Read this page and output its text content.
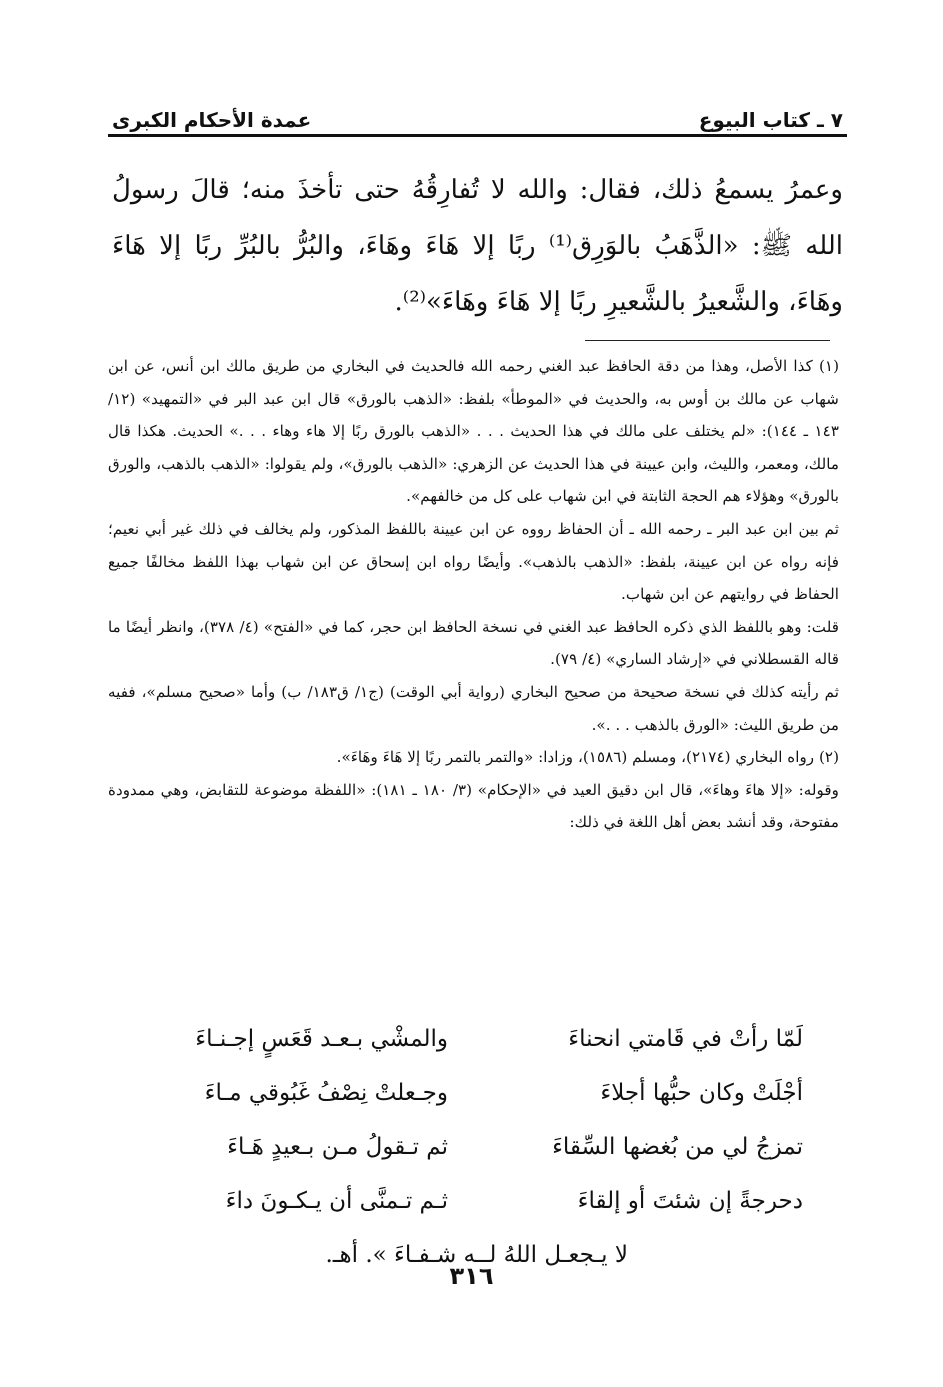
٧ ـ كتاب البيوع
عمدة الأحكام الكبرى

وعمرُ يسمعُ ذلك، فقال: والله لا تُفارِقُهُ حتى تأخذَ منه؛ قالَ رسولُ الله ﷺ: «الذَّهَبُ بالوَرِق⁽¹⁾ ربًا إلا هَاءَ وهَاءَ، والبُرُّ بالبُرِّ ربًا إلا هَاءَ وهَاءَ، والشَّعيرُ بالشَّعيرِ ربًا إلا هَاءَ وهَاءَ»⁽²⁾.

(١) كذا الأصل، وهذا من دقة الحافظ عبد الغني رحمه الله فالحديث في البخاري من طريق مالك ابن أنس، عن ابن شهاب عن مالك بن أوس به، والحديث في «الموطأ» بلفظ: «الذهب بالورق» قال ابن عبد البر في «التمهيد» (١٢/ ١٤٣ ـ ١٤٤): «لم يختلف على مالك في هذا الحديث . . . «الذهب بالورق ربًا إلا هاء وهاء . . .» الحديث. هكذا قال مالك، ومعمر، والليث، وابن عيينة في هذا الحديث عن الزهري: «الذهب بالورق»، ولم يقولوا: «الذهب بالذهب، والورق بالورق» وهؤلاء هم الحجة الثابتة في ابن شهاب على كل من خالفهم».

ثم بين ابن عبد البر ـ رحمه الله ـ أن الحفاظ رووه عن ابن عيينة باللفظ المذكور، ولم يخالف في ذلك غير أبي نعيم؛ فإنه رواه عن ابن عيينة، بلفظ: «الذهب بالذهب». وأيضًا رواه ابن إسحاق عن ابن شهاب بهذا اللفظ مخالفًا جميع الحفاظ في روايتهم عن ابن شهاب.

قلت: وهو باللفظ الذي ذكره الحافظ عبد الغني في نسخة الحافظ ابن حجر، كما في «الفتح» (٤/ ٣٧٨)، وانظر أيضًا ما قاله القسطلاني في «إرشاد الساري» (٤/ ٧٩).

ثم رأيته كذلك في نسخة صحيحة من صحيح البخاري (رواية أبي الوقت) (ج١/ ق١٨٣/ ب) وأما «صحيح مسلم»، ففيه من طريق الليث: «الورق بالذهب . . .».

(٢) رواه البخاري (٢١٧٤)، ومسلم (١٥٨٦)، وزادا: «والتمر بالتمر ربًا إلا هَاءَ وهَاءَ».

وقوله: «إلا هاءَ وهاءَ»، قال ابن دقيق العيد في «الإحكام» (٣/ ١٨٠ ـ ١٨١): «اللفظة موضوعة للتقابض، وهي ممدودة مفتوحة، وقد أنشد بعض أهل اللغة في ذلك:

لَمّا رأتْ في قَامتي انحناءَ
والمشْي بـعـد قَعَسٍ إجـنـاءَ
أجْلَتْ وكان حبُّها أجلاءَ
وجـعلتْ نِصْفُ غَبُوقي مـاءَ
تمزجُ لي من بُغضها السِّقاءَ
ثم تـقولُ مـن بـعيدٍ هَـاءَ
دحرجةً إن شئتَ أو إلقاءَ
ثـم تـمنَّى أن يـكـونَ داءَ
لا يـجعـل اللهُ لــه شـفـاءَ ». أهـ.
٣١٦
